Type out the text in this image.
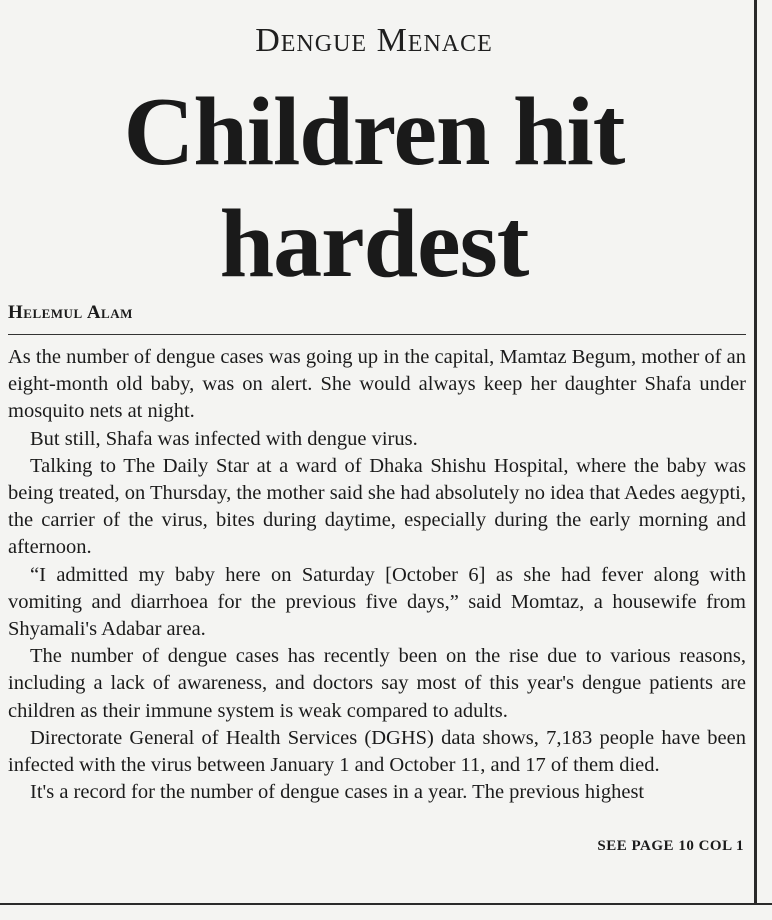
Dengue Menace
Children hit
hardest
Helemul Alam

As the number of dengue cases was going up in the capital, Mamtaz Begum, mother of an eight-month old baby, was on alert. She would always keep her daughter Shafa under mosquito nets at night.

But still, Shafa was infected with dengue virus.

Talking to The Daily Star at a ward of Dhaka Shishu Hospital, where the baby was being treated, on Thursday, the mother said she had absolutely no idea that Aedes aegypti, the carrier of the virus, bites during daytime, especially during the early morning and afternoon.

“I admitted my baby here on Saturday [October 6] as she had fever along with vomiting and diarrhoea for the previous five days,” said Momtaz, a housewife from Shyamali's Adabar area.

The number of dengue cases has recently been on the rise due to various reasons, including a lack of awareness, and doctors say most of this year's dengue patients are children as their immune system is weak compared to adults.

Directorate General of Health Services (DGHS) data shows, 7,183 people have been infected with the virus between January 1 and October 11, and 17 of them died.

It's a record for the number of dengue cases in a year. The previous highest

SEE PAGE 10 COL 1
